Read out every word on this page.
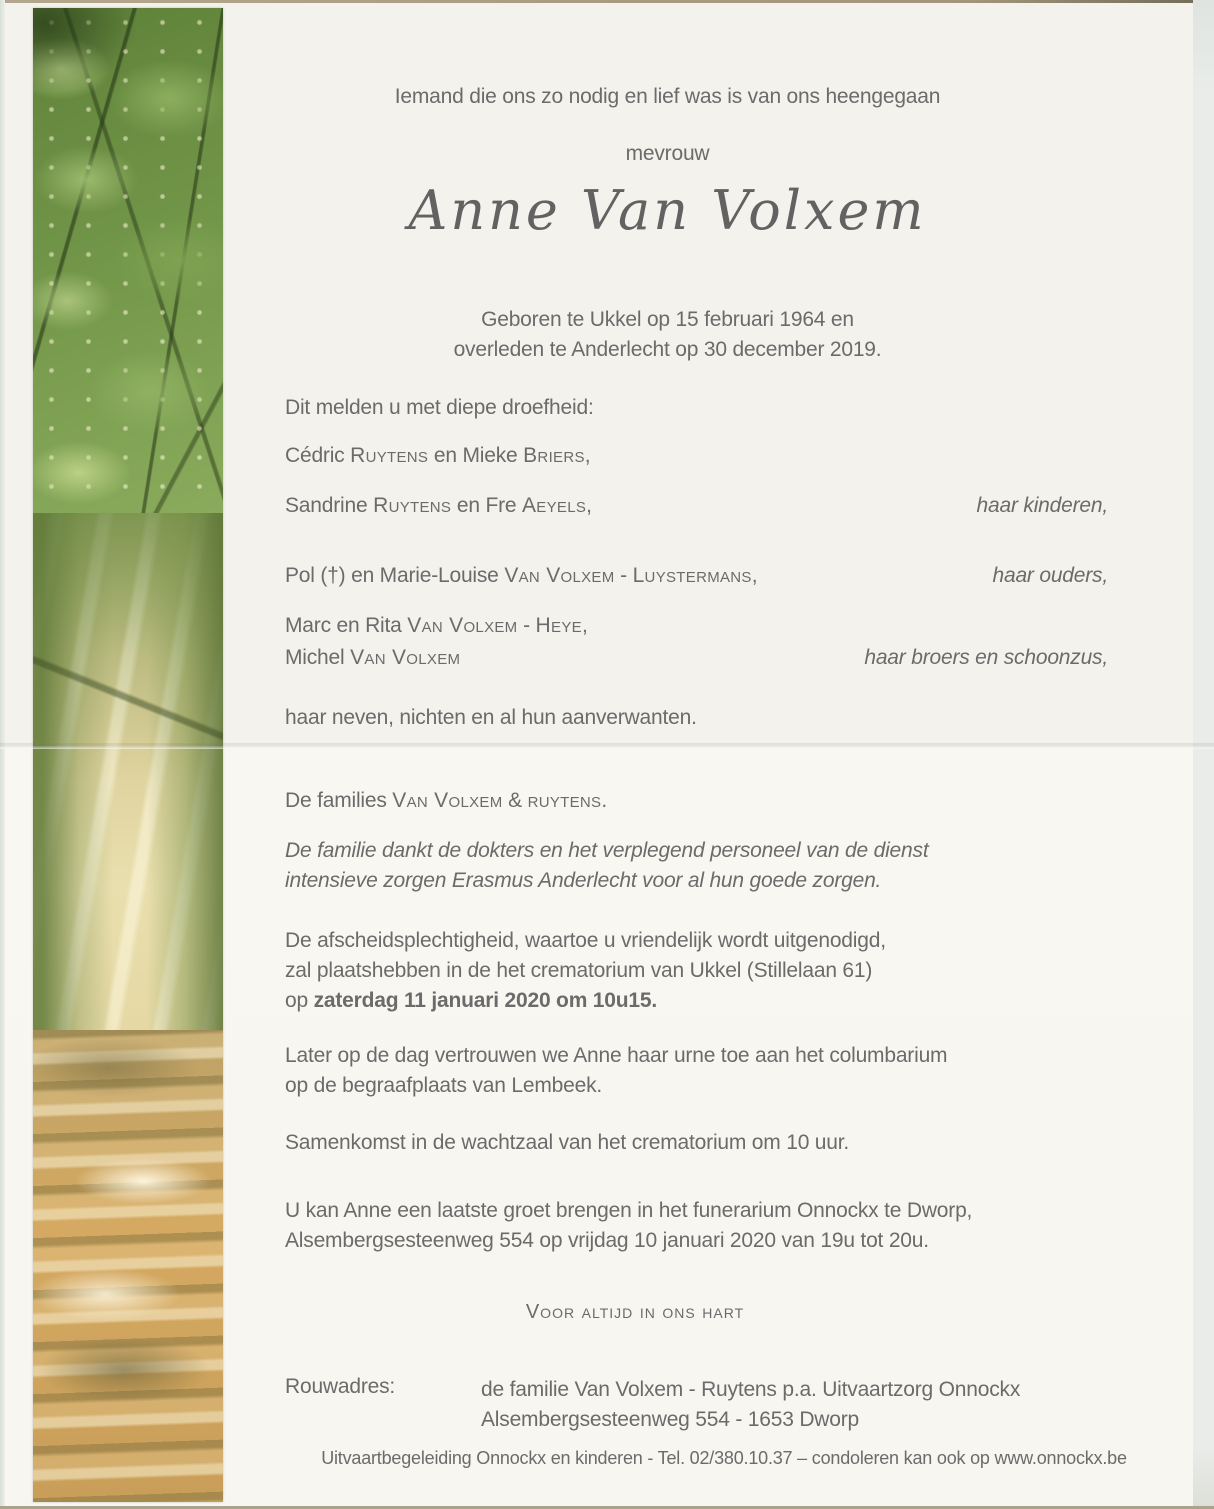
Iemand die ons zo nodig en lief was is van ons heengegaan
mevrouw
Anne Van Volxem
Geboren te Ukkel op 15 februari 1964 en
overleden te Anderlecht op 30 december 2019.
Dit melden u met diepe droefheid:
Cédric Ruytens en Mieke Briers,
Sandrine Ruytens en Fre Aeyels,	haar kinderen,
Pol (†) en Marie-Louise Van Volxem - Luystermans,	haar ouders,
Marc en Rita Van Volxem - Heye,
Michel Van Volxem	haar broers en schoonzus,
haar neven, nichten en al hun aanverwanten.
De families Van Volxem & ruytens.
De familie dankt de dokters en het verplegend personeel van de dienst
intensieve zorgen Erasmus Anderlecht voor al hun goede zorgen.
De afscheidsplechtigheid, waartoe u vriendelijk wordt uitgenodigd,
zal plaatshebben in de het crematorium van Ukkel (Stillelaan 61)
op zaterdag 11 januari 2020 om 10u15.
Later op de dag vertrouwen we Anne haar urne toe aan het columbarium
op de begraafplaats van Lembeek.
Samenkomst in de wachtzaal van het crematorium om 10 uur.
U kan Anne een laatste groet brengen in het funerarium Onnockx te Dworp,
Alsembergsesteenweg 554 op vrijdag 10 januari 2020 van 19u tot 20u.
Voor altijd in ons hart
Rouwadres:	de familie Van Volxem - Ruytens p.a. Uitvaartzorg Onnockx
Alsembergsesteenweg 554 - 1653 Dworp
Uitvaartbegeleiding Onnockx en kinderen - Tel. 02/380.10.37 – condoleren kan ook op www.onnockx.be
